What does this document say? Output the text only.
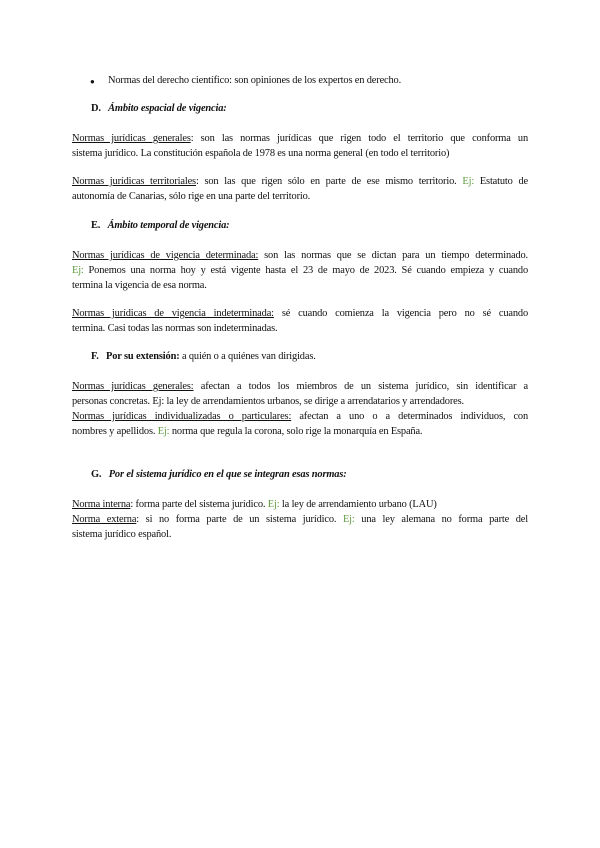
● Normas del derecho científico: son opiniones de los expertos en derecho.
D. Ámbito espacial de vigencia:
Normas jurídicas generales: son las normas jurídicas que rigen todo el territorio que conforma un
sistema jurídico. La constitución española de 1978 es una norma general (en todo el territorio)
Normas jurídicas territoriales: son las que rigen sólo en parte de ese mismo territorio. Ej: Estatuto de
autonomía de Canarias, sólo rige en una parte del territorio.
E. Ámbito temporal de vigencia:
Normas jurídicas de vigencia determinada: son las normas que se dictan para un tiempo determinado.
Ej: Ponemos una norma hoy y está vigente hasta el 23 de mayo de 2023. Sé cuando empieza y cuando
termina la vigencia de esa norma.
Normas jurídicas de vigencia indeterminada: sé cuando comienza la vigencia pero no sé cuando
termina. Casi todas las normas son indeterminadas.
F. Por su extensión: a quién o a quiénes van dirigidas.
Normas jurídicas generales: afectan a todos los miembros de un sistema jurídico, sin identificar a
personas concretas. Ej: la ley de arrendamientos urbanos, se dirige a arrendatarios y arrendadores.
Normas jurídicas individualizadas o particulares: afectan a uno o a determinados individuos, con
nombres y apellidos. Ej: norma que regula la corona, solo rige la monarquía en España.
G. Por el sistema jurídico en el que se integran esas normas:
Norma interna: forma parte del sistema jurídico. Ej: la ley de arrendamiento urbano (LAU)
Norma externa: si no forma parte de un sistema jurídico. Ej: una ley alemana no forma parte del
sistema jurídico español.
